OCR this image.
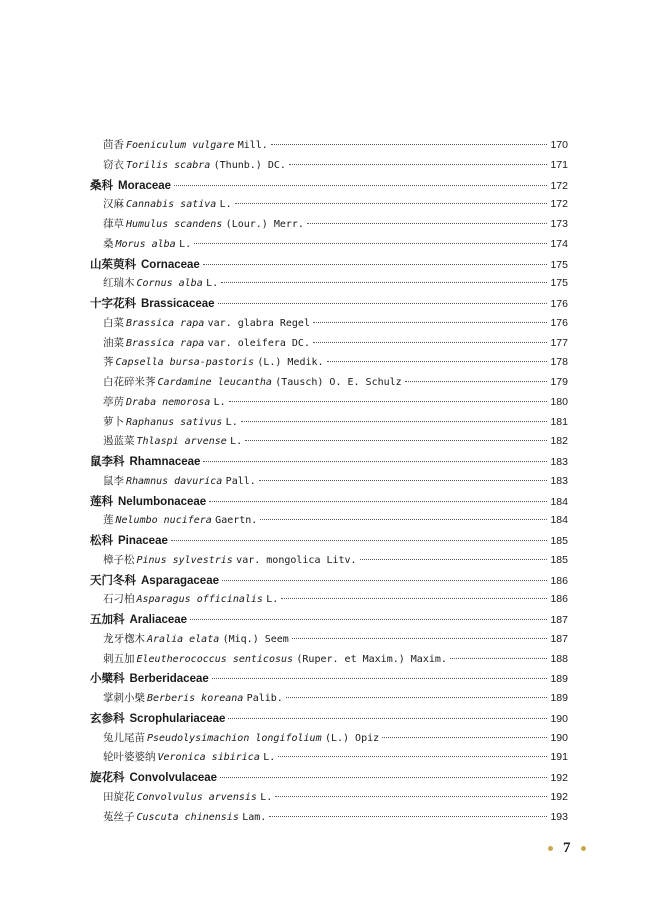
茴香 Foeniculum vulgare Mill.	170
窃衣 Torilis scabra (Thunb.) DC.	171
桑科 Moraceae	172
汉麻 Cannabis sativa L.	172
葎草 Humulus scandens (Lour.) Merr.	173
桑 Morus alba L.	174
山茱萸科 Cornaceae	175
红瑞木 Cornus alba L.	175
十字花科 Brassicaceae	176
白菜 Brassica rapa var. glabra Regel	176
油菜 Brassica rapa var. oleifera DC.	177
荠 Capsella bursa-pastoris (L.) Medik.	178
白花碎米荠 Cardamine leucantha (Tausch) O. E. Schulz	179
葶苈 Draba nemorosa L.	180
萝卜 Raphanus sativus L.	181
遏蓝菜 Thlaspi arvense L.	182
鼠李科 Rhamnaceae	183
鼠李 Rhamnus davurica Pall.	183
莲科 Nelumbonaceae	184
莲 Nelumbo nucifera Gaertn.	184
松科 Pinaceae	185
樟子松 Pinus sylvestris var. mongolica Litv.	185
天门冬科 Asparagaceae	186
石刁柏 Asparagus officinalis L.	186
五加科 Araliaceae	187
龙牙楤木 Aralia elata (Miq.) Seem	187
刺五加 Eleutherococcus senticosus (Ruper. et Maxim.) Maxim.	188
小檗科 Berberidaceae	189
掌刺小檗 Berberis koreana Palib.	189
玄参科 Scrophulariaceae	190
兔儿尾苗 Pseudolysimachion longifolium (L.) Opiz	190
轮叶婆婆纳 Veronica sibirica L.	191
旋花科 Convolvulaceae	192
田旋花 Convolvulus arvensis L.	192
菟丝子 Cuscuta chinensis Lam.	193
7
